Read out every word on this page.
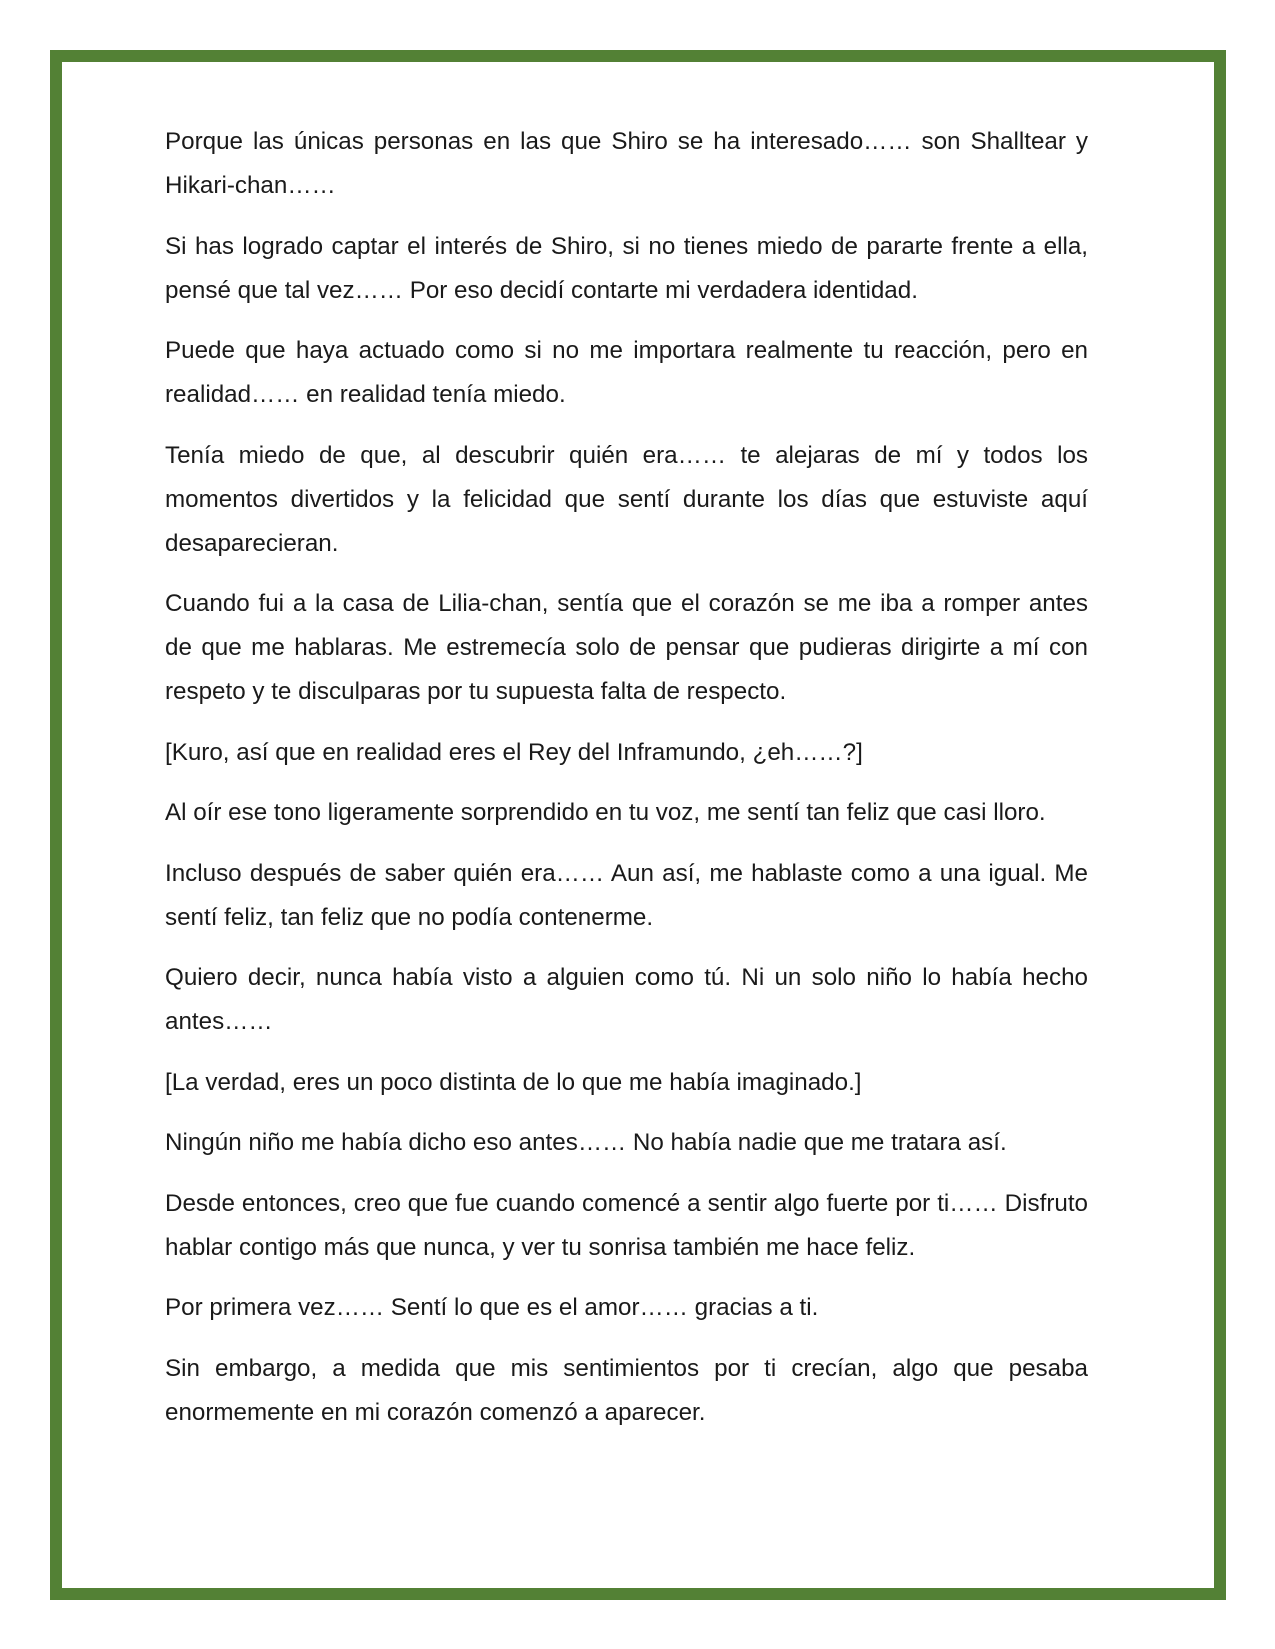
Porque las únicas personas en las que Shiro se ha interesado…… son Shalltear y Hikari-chan……

Si has logrado captar el interés de Shiro, si no tienes miedo de pararte frente a ella, pensé que tal vez…… Por eso decidí contarte mi verdadera identidad.

Puede que haya actuado como si no me importara realmente tu reacción, pero en realidad…… en realidad tenía miedo.

Tenía miedo de que, al descubrir quién era…… te alejaras de mí y todos los momentos divertidos y la felicidad que sentí durante los días que estuviste aquí desaparecieran.

Cuando fui a la casa de Lilia-chan, sentía que el corazón se me iba a romper antes de que me hablaras. Me estremecía solo de pensar que pudieras dirigirte a mí con respeto y te disculparas por tu supuesta falta de respecto.

[Kuro, así que en realidad eres el Rey del Inframundo, ¿eh……?]

Al oír ese tono ligeramente sorprendido en tu voz, me sentí tan feliz que casi lloro.

Incluso después de saber quién era…… Aun así, me hablaste como a una igual. Me sentí feliz, tan feliz que no podía contenerme.

Quiero decir, nunca había visto a alguien como tú. Ni un solo niño lo había hecho antes……

[La verdad, eres un poco distinta de lo que me había imaginado.]

Ningún niño me había dicho eso antes…… No había nadie que me tratara así.

Desde entonces, creo que fue cuando comencé a sentir algo fuerte por ti…… Disfruto hablar contigo más que nunca, y ver tu sonrisa también me hace feliz.

Por primera vez…… Sentí lo que es el amor…… gracias a ti.

Sin embargo, a medida que mis sentimientos por ti crecían, algo que pesaba enormemente en mi corazón comenzó a aparecer.
